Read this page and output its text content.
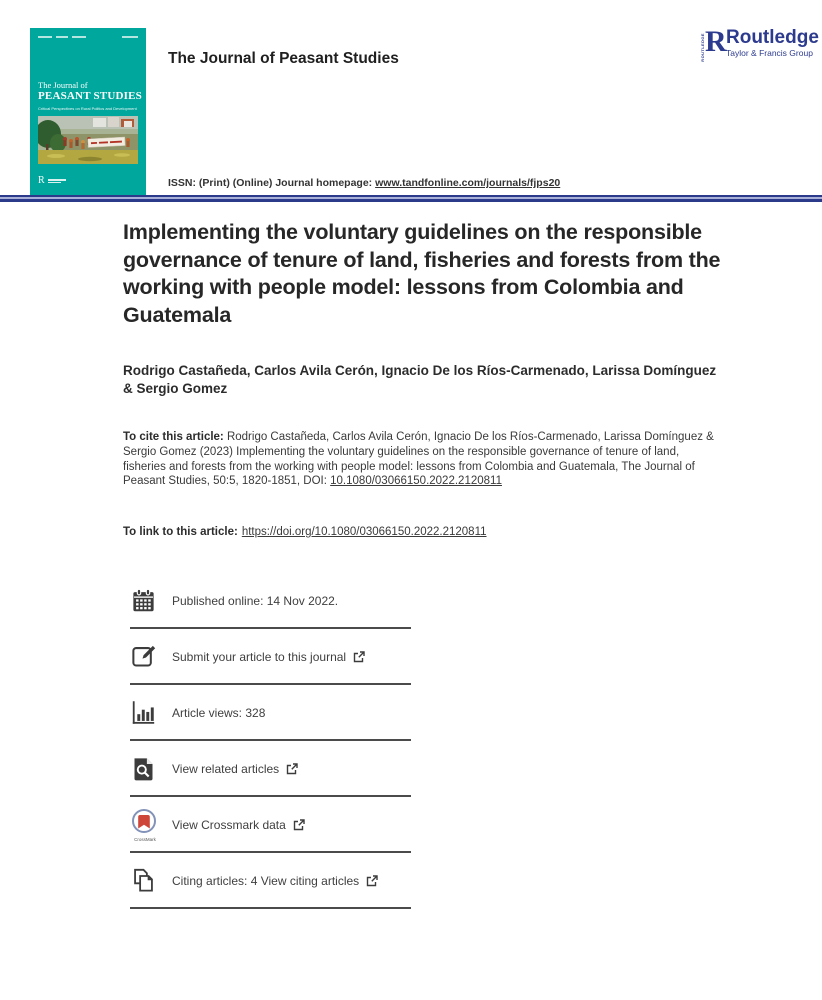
The Journal of
PEASANT STUDIES
Critical Perspectives on Rural Politics and Development
R
The Journal of Peasant Studies	ROUTLEDGE R Routledge
Taylor & Francis Group
ISSN: (Print) (Online) Journal homepage: www.tandfonline.com/journals/fjps20
Implementing the voluntary guidelines on the responsible governance of tenure of land, fisheries and forests from the working with people model: lessons from Colombia and Guatemala
Rodrigo Castañeda, Carlos Avila Cerón, Ignacio De los Ríos-Carmenado, Larissa Domínguez & Sergio Gomez
To cite this article: Rodrigo Castañeda, Carlos Avila Cerón, Ignacio De los Ríos-Carmenado, Larissa Domínguez & Sergio Gomez (2023) Implementing the voluntary guidelines on the responsible governance of tenure of land, fisheries and forests from the working with people model: lessons from Colombia and Guatemala, The Journal of Peasant Studies, 50:5, 1820-1851, DOI: 10.1080/03066150.2022.2120811
To link to this article: https://doi.org/10.1080/03066150.2022.2120811
Published online: 14 Nov 2022.
Submit your article to this journal
Article views: 328
View related articles
CrossMark
View Crossmark data
Citing articles: 4 View citing articles
